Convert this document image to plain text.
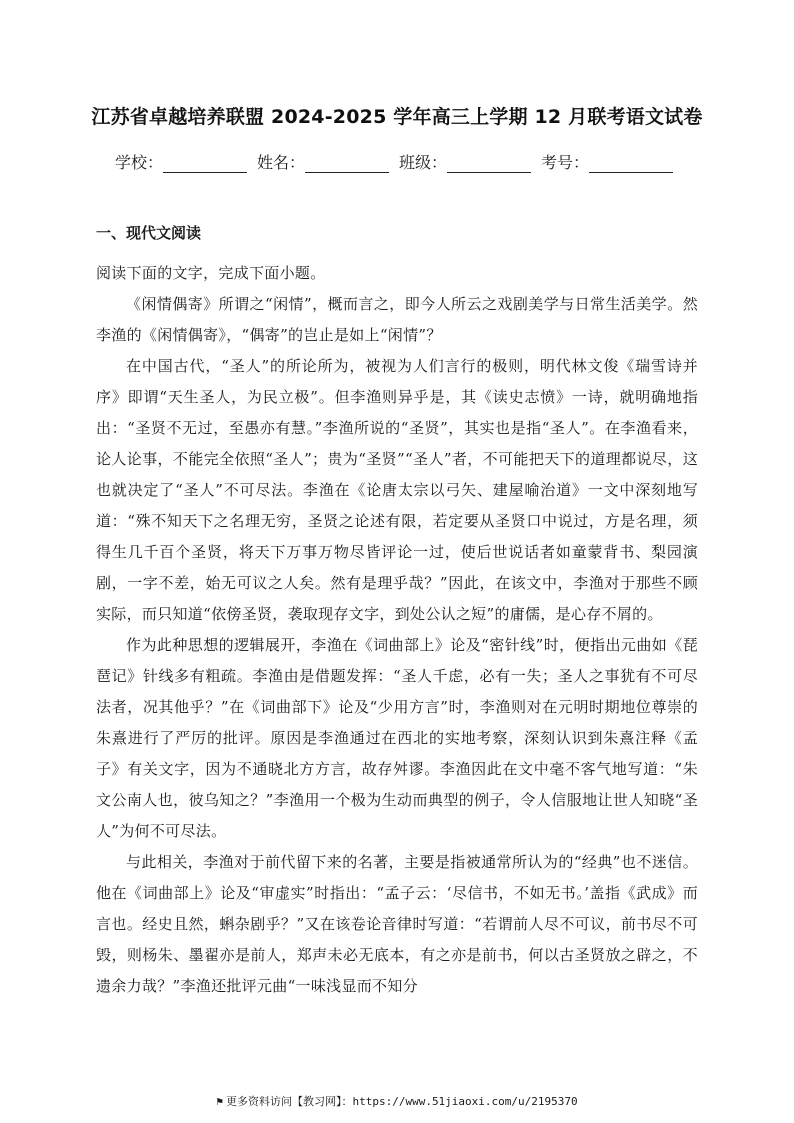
江苏省卓越培养联盟 2024-2025 学年高三上学期 12 月联考语文试卷
学校：	姓名：	班级：	考号：
一、现代文阅读

阅读下面的文字，完成下面小题。

《闲情偶寄》所谓之“闲情”，概而言之，即今人所云之戏剧美学与日常生活美学。然李渔的《闲情偶寄》，“偶寄”的岂止是如上“闲情”？

在中国古代，“圣人”的所论所为，被视为人们言行的极则，明代林文俊《瑞雪诗并序》即谓“天生圣人，为民立极”。但李渔则异乎是，其《读史志愤》一诗，就明确地指出：“圣贤不无过，至愚亦有慧。”李渔所说的“圣贤”，其实也是指“圣人”。在李渔看来，论人论事，不能完全依照“圣人”；贵为“圣贤”“圣人”者，不可能把天下的道理都说尽，这也就决定了“圣人”不可尽法。李渔在《论唐太宗以弓矢、建屋喻治道》一文中深刻地写道：“殊不知天下之名理无穷，圣贤之论述有限，若定要从圣贤口中说过，方是名理，须得生几千百个圣贤，将天下万事万物尽皆评论一过，使后世说话者如童蒙背书、梨园演剧，一字不差，始无可议之人矣。然有是理乎哉？”因此，在该文中，李渔对于那些不顾实际，而只知道“依傍圣贤，袭取现存文字，到处公认之短”的庸儒，是心存不屑的。

作为此种思想的逻辑展开，李渔在《词曲部上》论及“密针线”时，便指出元曲如《琵琶记》针线多有粗疏。李渔由是借题发挥：“圣人千虑，必有一失；圣人之事犹有不可尽法者，况其他乎？”在《词曲部下》论及“少用方言”时，李渔则对在元明时期地位尊崇的朱熹进行了严厉的批评。原因是李渔通过在西北的实地考察，深刻认识到朱熹注释《孟子》有关文字，因为不通晓北方方言，故存舛谬。李渔因此在文中毫不客气地写道：“朱文公南人也，彼乌知之？”李渔用一个极为生动而典型的例子，令人信服地让世人知晓“圣人”为何不可尽法。

与此相关，李渔对于前代留下来的名著，主要是指被通常所认为的“经典”也不迷信。他在《词曲部上》论及“审虚实”时指出：“孟子云：‘尽信书，不如无书。’盖指《武成》而言也。经史且然，蝌杂剧乎？”又在该卷论音律时写道：“若谓前人尽不可议，前书尽不可毁，则杨朱、墨翟亦是前人，郑声未必无底本，有之亦是前书，何以古圣贤放之辟之，不遗余力哉？”李渔还批评元曲“一味浅显而不知分

⚑ 更多资料访问【教习网】：https://www.51jiaoxi.com/u/2195370
